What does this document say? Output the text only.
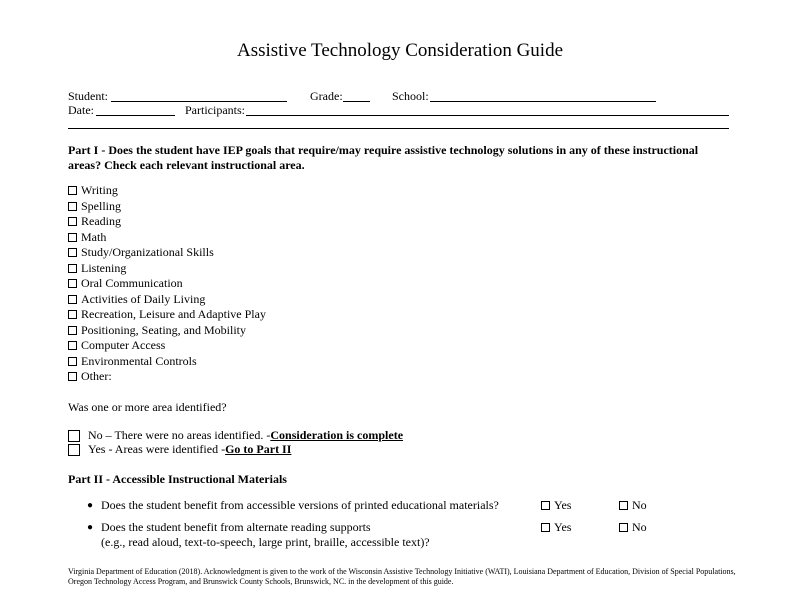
Assistive Technology Consideration Guide
Student:	Grade:	School:
Date:	Participants:
Part I - Does the student have IEP goals that require/may require assistive technology solutions in any of these instructional areas? Check each relevant instructional area.
Writing
Spelling
Reading
Math
Study/Organizational Skills
Listening
Oral Communication
Activities of Daily Living
Recreation, Leisure and Adaptive Play
Positioning, Seating, and Mobility
Computer Access
Environmental Controls
Other:
Was one or more area identified?
No – There were no areas identified. - Consideration is complete
Yes - Areas were identified - Go to Part II
Part II - Accessible Instructional Materials
● Does the student benefit from accessible versions of printed educational materials?	Yes	No
● Does the student benefit from alternate reading supports
(e.g., read aloud, text-to-speech, large print, braille, accessible text)?
Yes	No
Virginia Department of Education (2018). Acknowledgment is given to the work of the Wisconsin Assistive Technology Initiative (WATI), Louisiana Department of Education, Division of Special Populations, Oregon Technology Access Program, and Brunswick County Schools, Brunswick, NC. in the development of this guide.
